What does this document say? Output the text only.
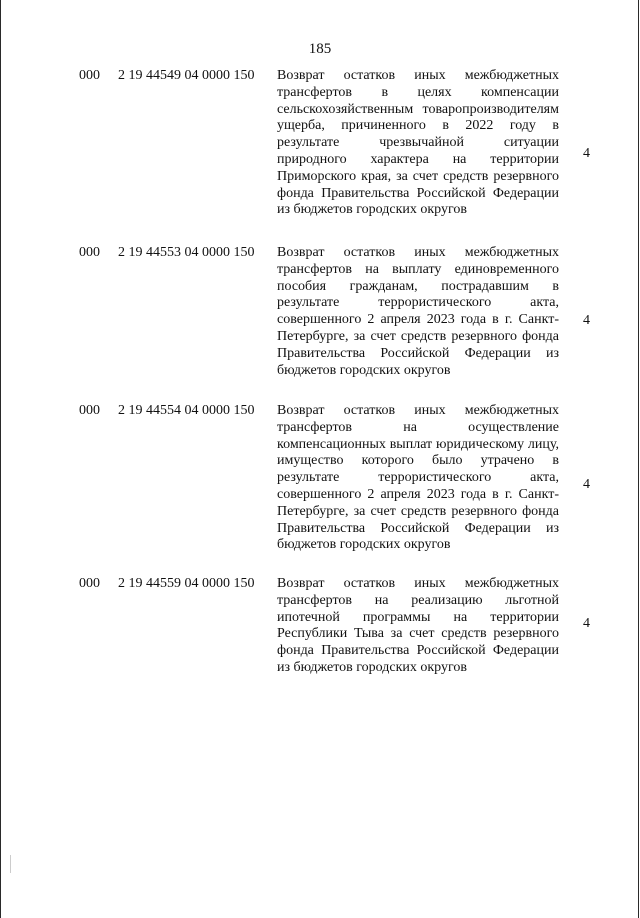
185
000 2 19 44549 04 0000 150 Возврат остатков иных межбюджетных трансфертов в целях компенсации сельскохозяйственным товаропроизводителям ущерба, причиненного в 2022 году в результате чрезвычайной ситуации природного характера на территории Приморского края, за счет средств резервного фонда Правительства Российской Федерации из бюджетов городских округов
4
000 2 19 44553 04 0000 150 Возврат остатков иных межбюджетных трансфертов на выплату единовременного пособия гражданам, пострадавшим в результате террористического акта, совершенного 2 апреля 2023 года в г. Санкт-Петербурге, за счет средств резервного фонда Правительства Российской Федерации из бюджетов городских округов
4
000 2 19 44554 04 0000 150 Возврат остатков иных межбюджетных трансфертов на осуществление компенсационных выплат юридическому лицу, имущество которого было утрачено в результате террористического акта, совершенного 2 апреля 2023 года в г. Санкт-Петербурге, за счет средств резервного фонда Правительства Российской Федерации из бюджетов городских округов
4
000 2 19 44559 04 0000 150 Возврат остатков иных межбюджетных трансфертов на реализацию льготной ипотечной программы на территории Республики Тыва за счет средств резервного фонда Правительства Российской Федерации из бюджетов городских округов
4
